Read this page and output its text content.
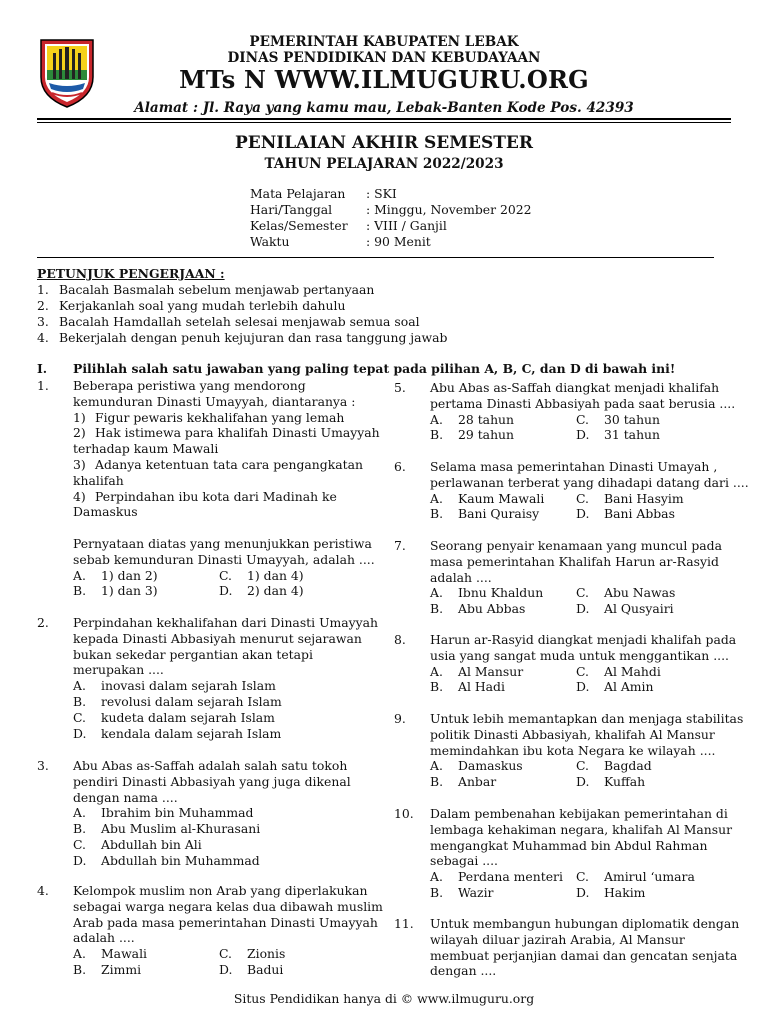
PEMERINTAH KABUPATEN LEBAK
DINAS PENDIDIKAN DAN KEBUDAYAAN
MTs N WWW.ILMUGURU.ORG
Alamat : Jl. Raya yang kamu mau, Lebak-Banten Kode Pos. 42393
PENILAIAN AKHIR SEMESTER
TAHUN PELAJARAN 2022/2023
Mata Pelajaran : SKI
Hari/Tanggal	: Minggu, November 2022
Kelas/Semester : VIII / Ganjil
Waktu	: 90 Menit
PETUNJUK PENGERJAAN :
1. Bacalah Basmalah sebelum menjawab pertanyaan
2. Kerjakanlah soal yang mudah terlebih dahulu
3. Bacalah Hamdallah setelah selesai menjawab semua soal
4. Bekerjalah dengan penuh kejujuran dan rasa tanggung jawab
I. Pilihlah salah satu jawaban yang paling tepat pada pilihan A, B, C, dan D di bawah ini!
1. Beberapa peristiwa yang mendorong
kemunduran Dinasti Umayyah, diantaranya :
1) Figur pewaris kekhalifahan yang lemah
2) Hak istimewa para khalifah Dinasti Umayyah
terhadap kaum Mawali
3) Adanya ketentuan tata cara pengangkatan
khalifah
4) Perpindahan ibu kota dari Madinah ke
Damaskus
Pernyataan diatas yang menunjukkan peristiwa
sebab kemunduran Dinasti Umayyah, adalah ....
A. 1) dan 2)	C. 1) dan 4)
B. 1) dan 3)	D. 2) dan 4)
2. Perpindahan kekhalifahan dari Dinasti Umayyah
kepada Dinasti Abbasiyah menurut sejarawan
bukan sekedar pergantian akan tetapi
merupakan ....
A. inovasi dalam sejarah Islam
B. revolusi dalam sejarah Islam
C. kudeta dalam sejarah Islam
D. kendala dalam sejarah Islam
3. Abu Abas as-Saffah adalah salah satu tokoh
pendiri Dinasti Abbasiyah yang juga dikenal
dengan nama ....
A. Ibrahim bin Muhammad
B. Abu Muslim al-Khurasani
C. Abdullah bin Ali
D. Abdullah bin Muhammad
4. Kelompok muslim non Arab yang diperlakukan
sebagai warga negara kelas dua dibawah muslim
Arab pada masa pemerintahan Dinasti Umayyah
adalah ....
A. Mawali	C. Zionis
B. Zimmi	D. Badui
5. Abu Abas as-Saffah diangkat menjadi khalifah
pertama Dinasti Abbasiyah pada saat berusia ....
A. 28 tahun	C. 30 tahun
B. 29 tahun	D. 31 tahun
6. Selama masa pemerintahan Dinasti Umayah ,
perlawanan terberat yang dihadapi datang dari ....
A. Kaum Mawali	C. Bani Hasyim
B. Bani Quraisy	D. Bani Abbas
7. Seorang penyair kenamaan yang muncul pada
masa pemerintahan Khalifah Harun ar-Rasyid
adalah ....
A. Ibnu Khaldun	C. Abu Nawas
B. Abu Abbas	D. Al Qusyairi
8. Harun ar-Rasyid diangkat menjadi khalifah pada
usia yang sangat muda untuk menggantikan ....
A. Al Mansur	C. Al Mahdi
B. Al Hadi	D. Al Amin
9. Untuk lebih memantapkan dan menjaga stabilitas
politik Dinasti Abbasiyah, khalifah Al Mansur
memindahkan ibu kota Negara ke wilayah ....
A. Damaskus	C. Bagdad
B. Anbar	D. Kuffah
10. Dalam pembenahan kebijakan pemerintahan di
lembaga kehakiman negara, khalifah Al Mansur
mengangkat Muhammad bin Abdul Rahman
sebagai ....
A. Perdana menteri C. Amirul ‘umara
B. Wazir	D. Hakim
11. Untuk membangun hubungan diplomatik dengan
wilayah diluar jazirah Arabia, Al Mansur
membuat perjanjian damai dan gencatan senjata
dengan ....
Situs Pendidikan hanya di © www.ilmuguru.org
